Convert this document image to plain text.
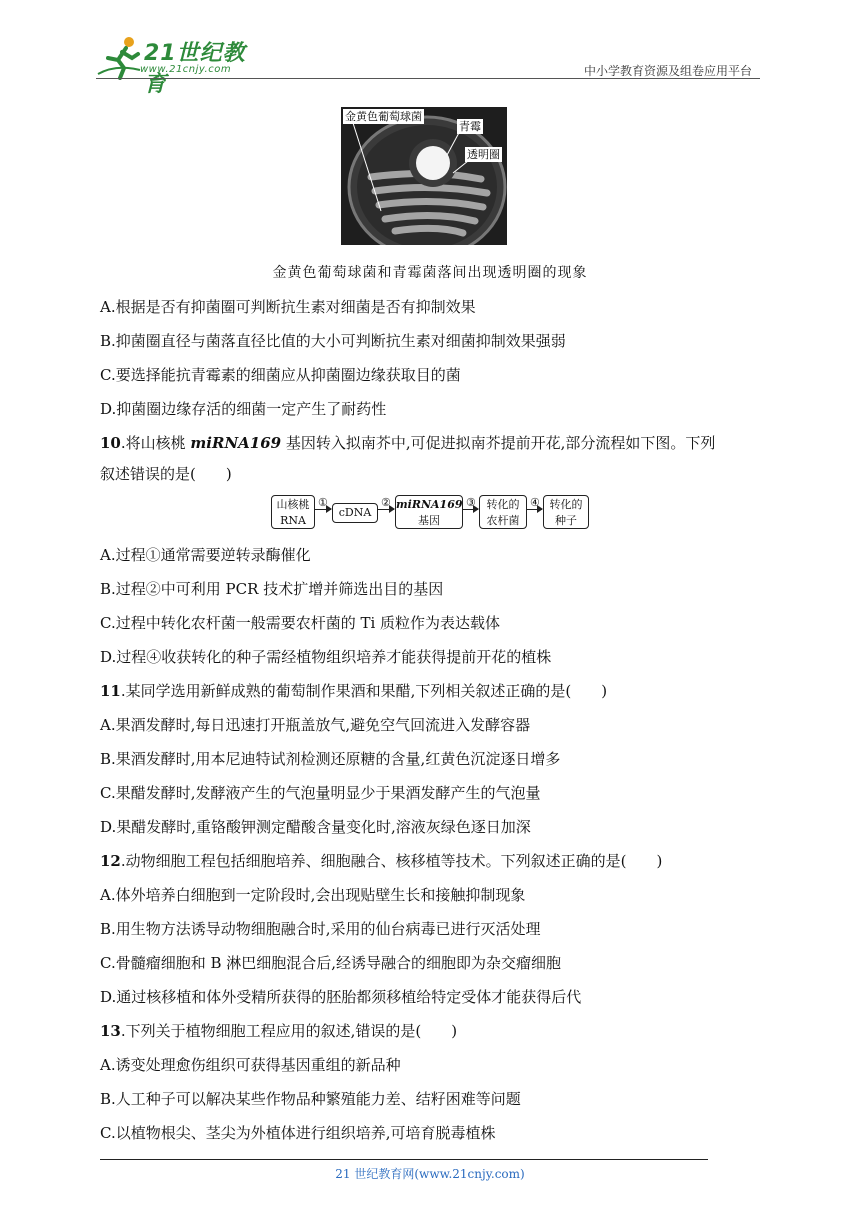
21世纪教育
www.21cnjy.com	中小学教育资源及组卷应用平台
金黄色葡萄球菌
青霉
透明圈
金黄色葡萄球菌和青霉菌落间出现透明圈的现象
A.根据是否有抑菌圈可判断抗生素对细菌是否有抑制效果
B.抑菌圈直径与菌落直径比值的大小可判断抗生素对细菌抑制效果强弱
C.要选择能抗青霉素的细菌应从抑菌圈边缘获取目的菌
D.抑菌圈边缘存活的细菌一定产生了耐药性
10.将山核桃 miRNA169 基因转入拟南芥中,可促进拟南芥提前开花,部分流程如下图。下列
叙述错误的是(　　)
山核桃
RNA
①
cDNA
② miRNA169
基因
③ 转化的
农杆菌
④ 转化的
种子
A.过程①通常需要逆转录酶催化
B.过程②中可利用 PCR 技术扩增并筛选出目的基因
C.过程中转化农杆菌一般需要农杆菌的 Ti 质粒作为表达载体
D.过程④收获转化的种子需经植物组织培养才能获得提前开花的植株
11.某同学选用新鲜成熟的葡萄制作果酒和果醋,下列相关叙述正确的是(　　)
A.果酒发酵时,每日迅速打开瓶盖放气,避免空气回流进入发酵容器
B.果酒发酵时,用本尼迪特试剂检测还原糖的含量,红黄色沉淀逐日增多
C.果醋发酵时,发酵液产生的气泡量明显少于果酒发酵产生的气泡量
D.果醋发酵时,重铬酸钾测定醋酸含量变化时,溶液灰绿色逐日加深
12.动物细胞工程包括细胞培养、细胞融合、核移植等技术。下列叙述正确的是(　　)
A.体外培养白细胞到一定阶段时,会出现贴壁生长和接触抑制现象
B.用生物方法诱导动物细胞融合时,采用的仙台病毒已进行灭活处理
C.骨髓瘤细胞和 B 淋巴细胞混合后,经诱导融合的细胞即为杂交瘤细胞
D.通过核移植和体外受精所获得的胚胎都须移植给特定受体才能获得后代
13.下列关于植物细胞工程应用的叙述,错误的是(　　)
A.诱变处理愈伤组织可获得基因重组的新品种
B.人工种子可以解决某些作物品种繁殖能力差、结籽困难等问题
C.以植物根尖、茎尖为外植体进行组织培养,可培育脱毒植株
21 世纪教育网(www.21cnjy.com)
